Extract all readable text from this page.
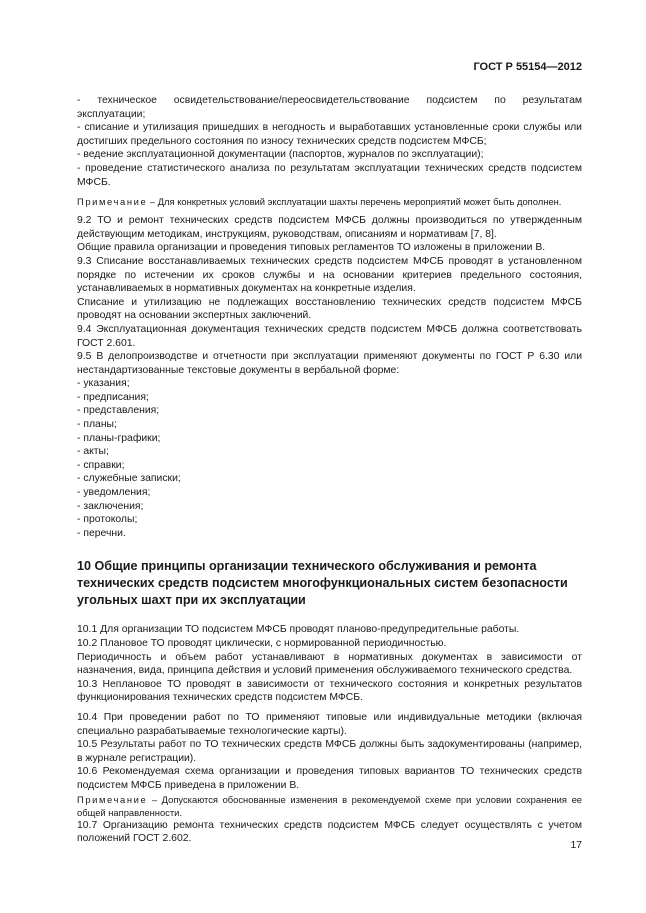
ГОСТ Р 55154—2012

- техническое освидетельствование/переосвидетельствование подсистем по результатам эксплуатации;

- списание и утилизация пришедших в негодность и выработавших установленные сроки службы или достигших предельного состояния по износу технических средств подсистем МФСБ;

- ведение эксплуатационной документации (паспортов, журналов по эксплуатации);

- проведение статистического анализа по результатам эксплуатации технических средств подсистем МФСБ.

Примечание – Для конкретных условий эксплуатации шахты перечень мероприятий может быть дополнен.

9.2 ТО и ремонт технических средств подсистем МФСБ должны производиться по утвержденным действующим методикам, инструкциям, руководствам, описаниям и нормативам [7, 8].

Общие правила организации и проведения типовых регламентов ТО изложены в приложении В.

9.3 Списание восстанавливаемых технических средств подсистем МФСБ проводят в установленном порядке по истечении их сроков службы и на основании критериев предельного состояния, устанавливаемых в нормативных документах на конкретные изделия.

Списание и утилизацию не подлежащих восстановлению технических средств подсистем МФСБ проводят на основании экспертных заключений.

9.4 Эксплуатационная документация технических средств подсистем МФСБ должна соответствовать ГОСТ 2.601.

9.5 В делопроизводстве и отчетности при эксплуатации применяют документы по ГОСТ Р 6.30 или нестандартизованные текстовые документы в вербальной форме:

- указания;
- предписания;
- представления;
- планы;
- планы-графики;
- акты;
- справки;
- служебные записки;
- уведомления;
- заключения;
- протоколы;
- перечни.
10 Общие принципы организации технического обслуживания и ремонта технических средств подсистем многофункциональных систем безопасности угольных шахт при их эксплуатации

10.1 Для организации ТО подсистем МФСБ проводят планово-предупредительные работы.

10.2 Плановое ТО проводят циклически, с нормированной периодичностью.

Периодичность и объем работ устанавливают в нормативных документах в зависимости от назначения, вида, принципа действия и условий применения обслуживаемого технического средства.

10.3 Неплановое ТО проводят в зависимости от технического состояния и конкретных результатов функционирования технических средств подсистем МФСБ.

10.4 При проведении работ по ТО применяют типовые или индивидуальные методики (включая специально разрабатываемые технологические карты).

10.5 Результаты работ по ТО технических средств МФСБ должны быть задокументированы (например, в журнале регистрации).

10.6 Рекомендуемая схема организации и проведения типовых вариантов ТО технических средств подсистем МФСБ приведена в приложении В.

Примечание – Допускаются обоснованные изменения в рекомендуемой схеме при условии сохранения ее общей направленности.

10.7 Организацию ремонта технических средств подсистем МФСБ следует осуществлять с учетом положений ГОСТ 2.602.

17
